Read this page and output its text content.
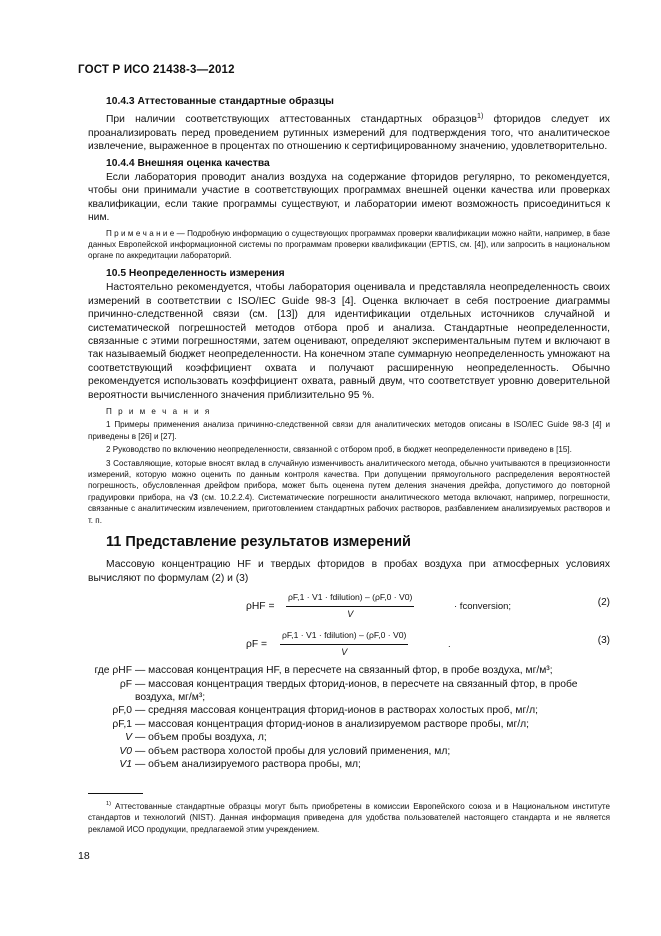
ГОСТ Р ИСО 21438-3—2012
10.4.3 Аттестованные стандартные образцы
При наличии соответствующих аттестованных стандартных образцов$^{1)}$ фторидов следует их проанализировать перед проведением рутинных измерений для подтверждения того, что аналитическое извлечение, выраженное в процентах по отношению к сертифицированному значению, удовлетворительно.
10.4.4 Внешняя оценка качества
Если лаборатория проводит анализ воздуха на содержание фторидов регулярно, то рекомендуется, чтобы они принимали участие в соответствующих программах внешней оценки качества или проверках квалификации, если такие программы существуют, и лаборатории имеют возможность присоединиться к ним.
П р и м е ч а н и е — Подробную информацию о существующих программах проверки квалификации можно найти, например, в базе данных Европейской информационной системы по программам проверки квалификации (EPTIS, см. [4]), или запросить в национальном органе по аккредитации лабораторий.
10.5 Неопределенность измерения
Настоятельно рекомендуется, чтобы лаборатория оценивала и представляла неопределенность своих измерений в соответствии с ISO/IEC Guide 98-3 [4]. Оценка включает в себя построение диаграммы причинно-следственной связи (см. [13]) для идентификации отдельных источников случайной и систематической погрешностей методов отбора проб и анализа. Стандартные неопределенности, связанные с этими погрешностями, затем оценивают, определяют экспериментальным путем и включают в так называемый бюджет неопределенности. На конечном этапе суммарную неопределенность умножают на соответствующий коэффициент охвата и получают расширенную неопределенность. Обычно рекомендуется использовать коэффициент охвата, равный двум, что соответствует уровню доверительной вероятности вычисленного значения приблизительно 95 %.
П р и м е ч а н и я
1 Примеры применения анализа причинно-следственной связи для аналитических методов описаны в ISO/IEC Guide 98-3 [4] и приведены в [26] и [27].
2 Руководство по включению неопределенности, связанной с отбором проб, в бюджет неопределенности приведено в [15].
3 Составляющие, которые вносят вклад в случайную изменчивость аналитического метода, обычно учитываются в прецизионности измерений, которую можно оценить по данным контроля качества. При допущении прямоугольного распределения вероятностей погрешность, обусловленная дрейфом прибора, может быть оценена путем деления значения дрейфа, допустимого до повторной градуировки прибора, на √3 (см. 10.2.2.4). Систематические погрешности аналитического метода включают, например, погрешности, связанные с аналитическим извлечением, приготовлением стандартных рабочих растворов, разбавлением анализируемых растворов и т. п.
11 Представление результатов измерений
Массовую концентрацию HF и твердых фторидов в пробах воздуха при атмосферных условиях вычисляют по формулам (2) и (3)
ρHF =
ρF,1 · V1 · fdilution) – (ρF,0 · V0)
V
· fconversion;	(2)
ρF =
ρF,1 · V1 · fdilution) – (ρF,0 · V0)
V
.	(3)
где ρHF — массовая концентрация HF, в пересчете на связанный фтор, в пробе воздуха, мг/м³;
ρF — массовая концентрация твердых фторид-ионов, в пересчете на связанный фтор, в пробе воздуха, мг/м³;
ρF,0 — средняя массовая концентрация фторид-ионов в растворах холостых проб, мг/л;
ρF,1 — массовая концентрация фторид-ионов в анализируемом растворе пробы, мг/л;
V — объем пробы воздуха, л;
V0 — объем раствора холостой пробы для условий применения, мл;
V1 — объем анализируемого раствора пробы, мл;
$^{1)}$ Аттестованные стандартные образцы могут быть приобретены в комиссии Европейского союза и в Национальном институте стандартов и технологий (NIST). Данная информация приведена для удобства пользователей настоящего стандарта и не является рекламой ИСО продукции, предлагаемой этим учреждением.
18
